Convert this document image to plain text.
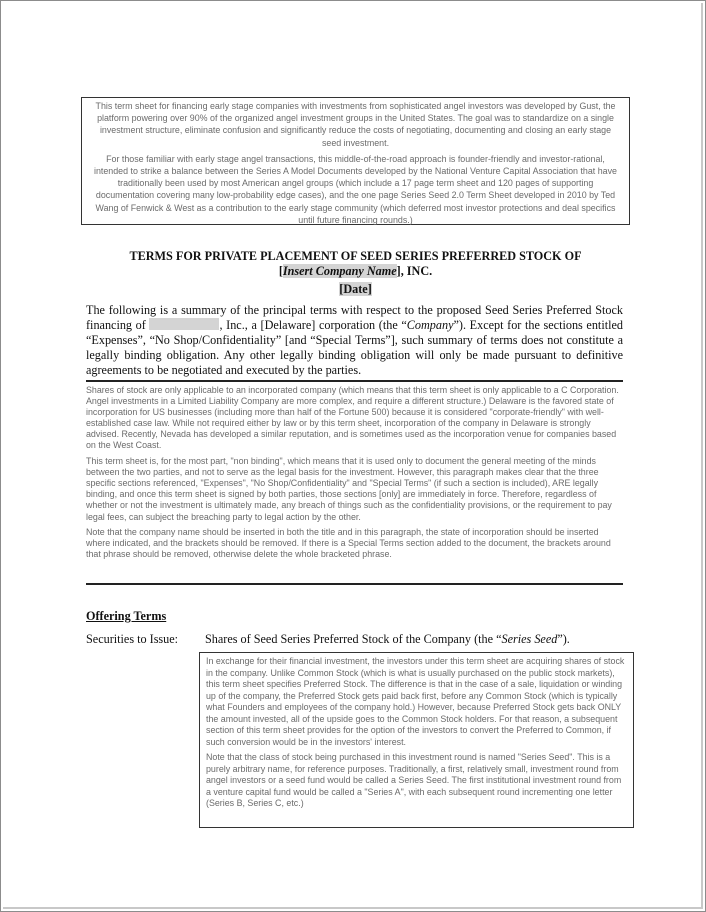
This term sheet for financing early stage companies with investments from sophisticated angel investors was developed by Gust, the platform powering over 90% of the organized angel investment groups in the United States. The goal was to standardize on a single investment structure, eliminate confusion and significantly reduce the costs of negotiating, documenting and closing an early stage seed investment.

For those familiar with early stage angel transactions, this middle-of-the-road approach is founder-friendly and investor-rational, intended to strike a balance between the Series A Model Documents developed by the National Venture Capital Association that have traditionally been used by most American angel groups (which include a 17 page term sheet and 120 pages of supporting documentation covering many low-probability edge cases), and the one page Series Seed 2.0 Term Sheet developed in 2010 by Ted Wang of Fenwick & West as a contribution to the early stage community (which deferred most investor protections and deal specifics until future financing rounds.)

TERMS FOR PRIVATE PLACEMENT OF SEED SERIES PREFERRED STOCK OF
[Insert Company Name], INC.
[Date]
The following is a summary of the principal terms with respect to the proposed Seed Series Preferred Stock financing of	, Inc., a [Delaware] corporation (the “Company”). Except for the sections entitled “Expenses”, “No Shop/Confidentiality” [and “Special Terms”], such summary of terms does not constitute a legally binding obligation. Any other legally binding obligation will only be made pursuant to definitive agreements to be negotiated and executed by the parties.

Shares of stock are only applicable to an incorporated company (which means that this term sheet is only applicable to a C Corporation. Angel investments in a Limited Liability Company are more complex, and require a different structure.) Delaware is the favored state of incorporation for US businesses (including more than half of the Fortune 500) because it is considered "corporate-friendly" with well-established case law. While not required either by law or by this term sheet, incorporation of the company in Delaware is strongly advised. Recently, Nevada has developed a similar reputation, and is sometimes used as the incorporation venue for companies based on the West Coast.

This term sheet is, for the most part, "non binding", which means that it is used only to document the general meeting of the minds between the two parties, and not to serve as the legal basis for the investment. However, this paragraph makes clear that the three specific sections referenced, "Expenses", "No Shop/Confidentiality" and "Special Terms" (if such a section is included), ARE legally binding, and once this term sheet is signed by both parties, those sections [only] are immediately in force. Therefore, regardless of whether or not the investment is ultimately made, any breach of things such as the confidentiality provisions, or the requirement to pay legal fees, can subject the breaching party to legal action by the other.

Note that the company name should be inserted in both the title and in this paragraph, the state of incorporation should be inserted where indicated, and the brackets should be removed. If there is a Special Terms section added to the document, the brackets around that phrase should be removed, otherwise delete the whole bracketed phrase.

Offering Terms
Securities to Issue: Shares of Seed Series Preferred Stock of the Company (the “Series Seed”).

In exchange for their financial investment, the investors under this term sheet are acquiring shares of stock in the company. Unlike Common Stock (which is what is usually purchased on the public stock markets), this term sheet specifies Preferred Stock. The difference is that in the case of a sale, liquidation or winding up of the company, the Preferred Stock gets paid back first, before any Common Stock (which is typically what Founders and employees of the company hold.) However, because Preferred Stock gets back ONLY the amount invested, all of the upside goes to the Common Stock holders. For that reason, a subsequent section of this term sheet provides for the option of the investors to convert the Preferred to Common, if such conversion would be in the investors' interest.

Note that the class of stock being purchased in this investment round is named "Series Seed". This is a purely arbitrary name, for reference purposes. Traditionally, a first, relatively small, investment round from angel investors or a seed fund would be called a Series Seed. The first institutional investment round from a venture capital fund would be called a "Series A", with each subsequent round incrementing one letter (Series B, Series C, etc.)
